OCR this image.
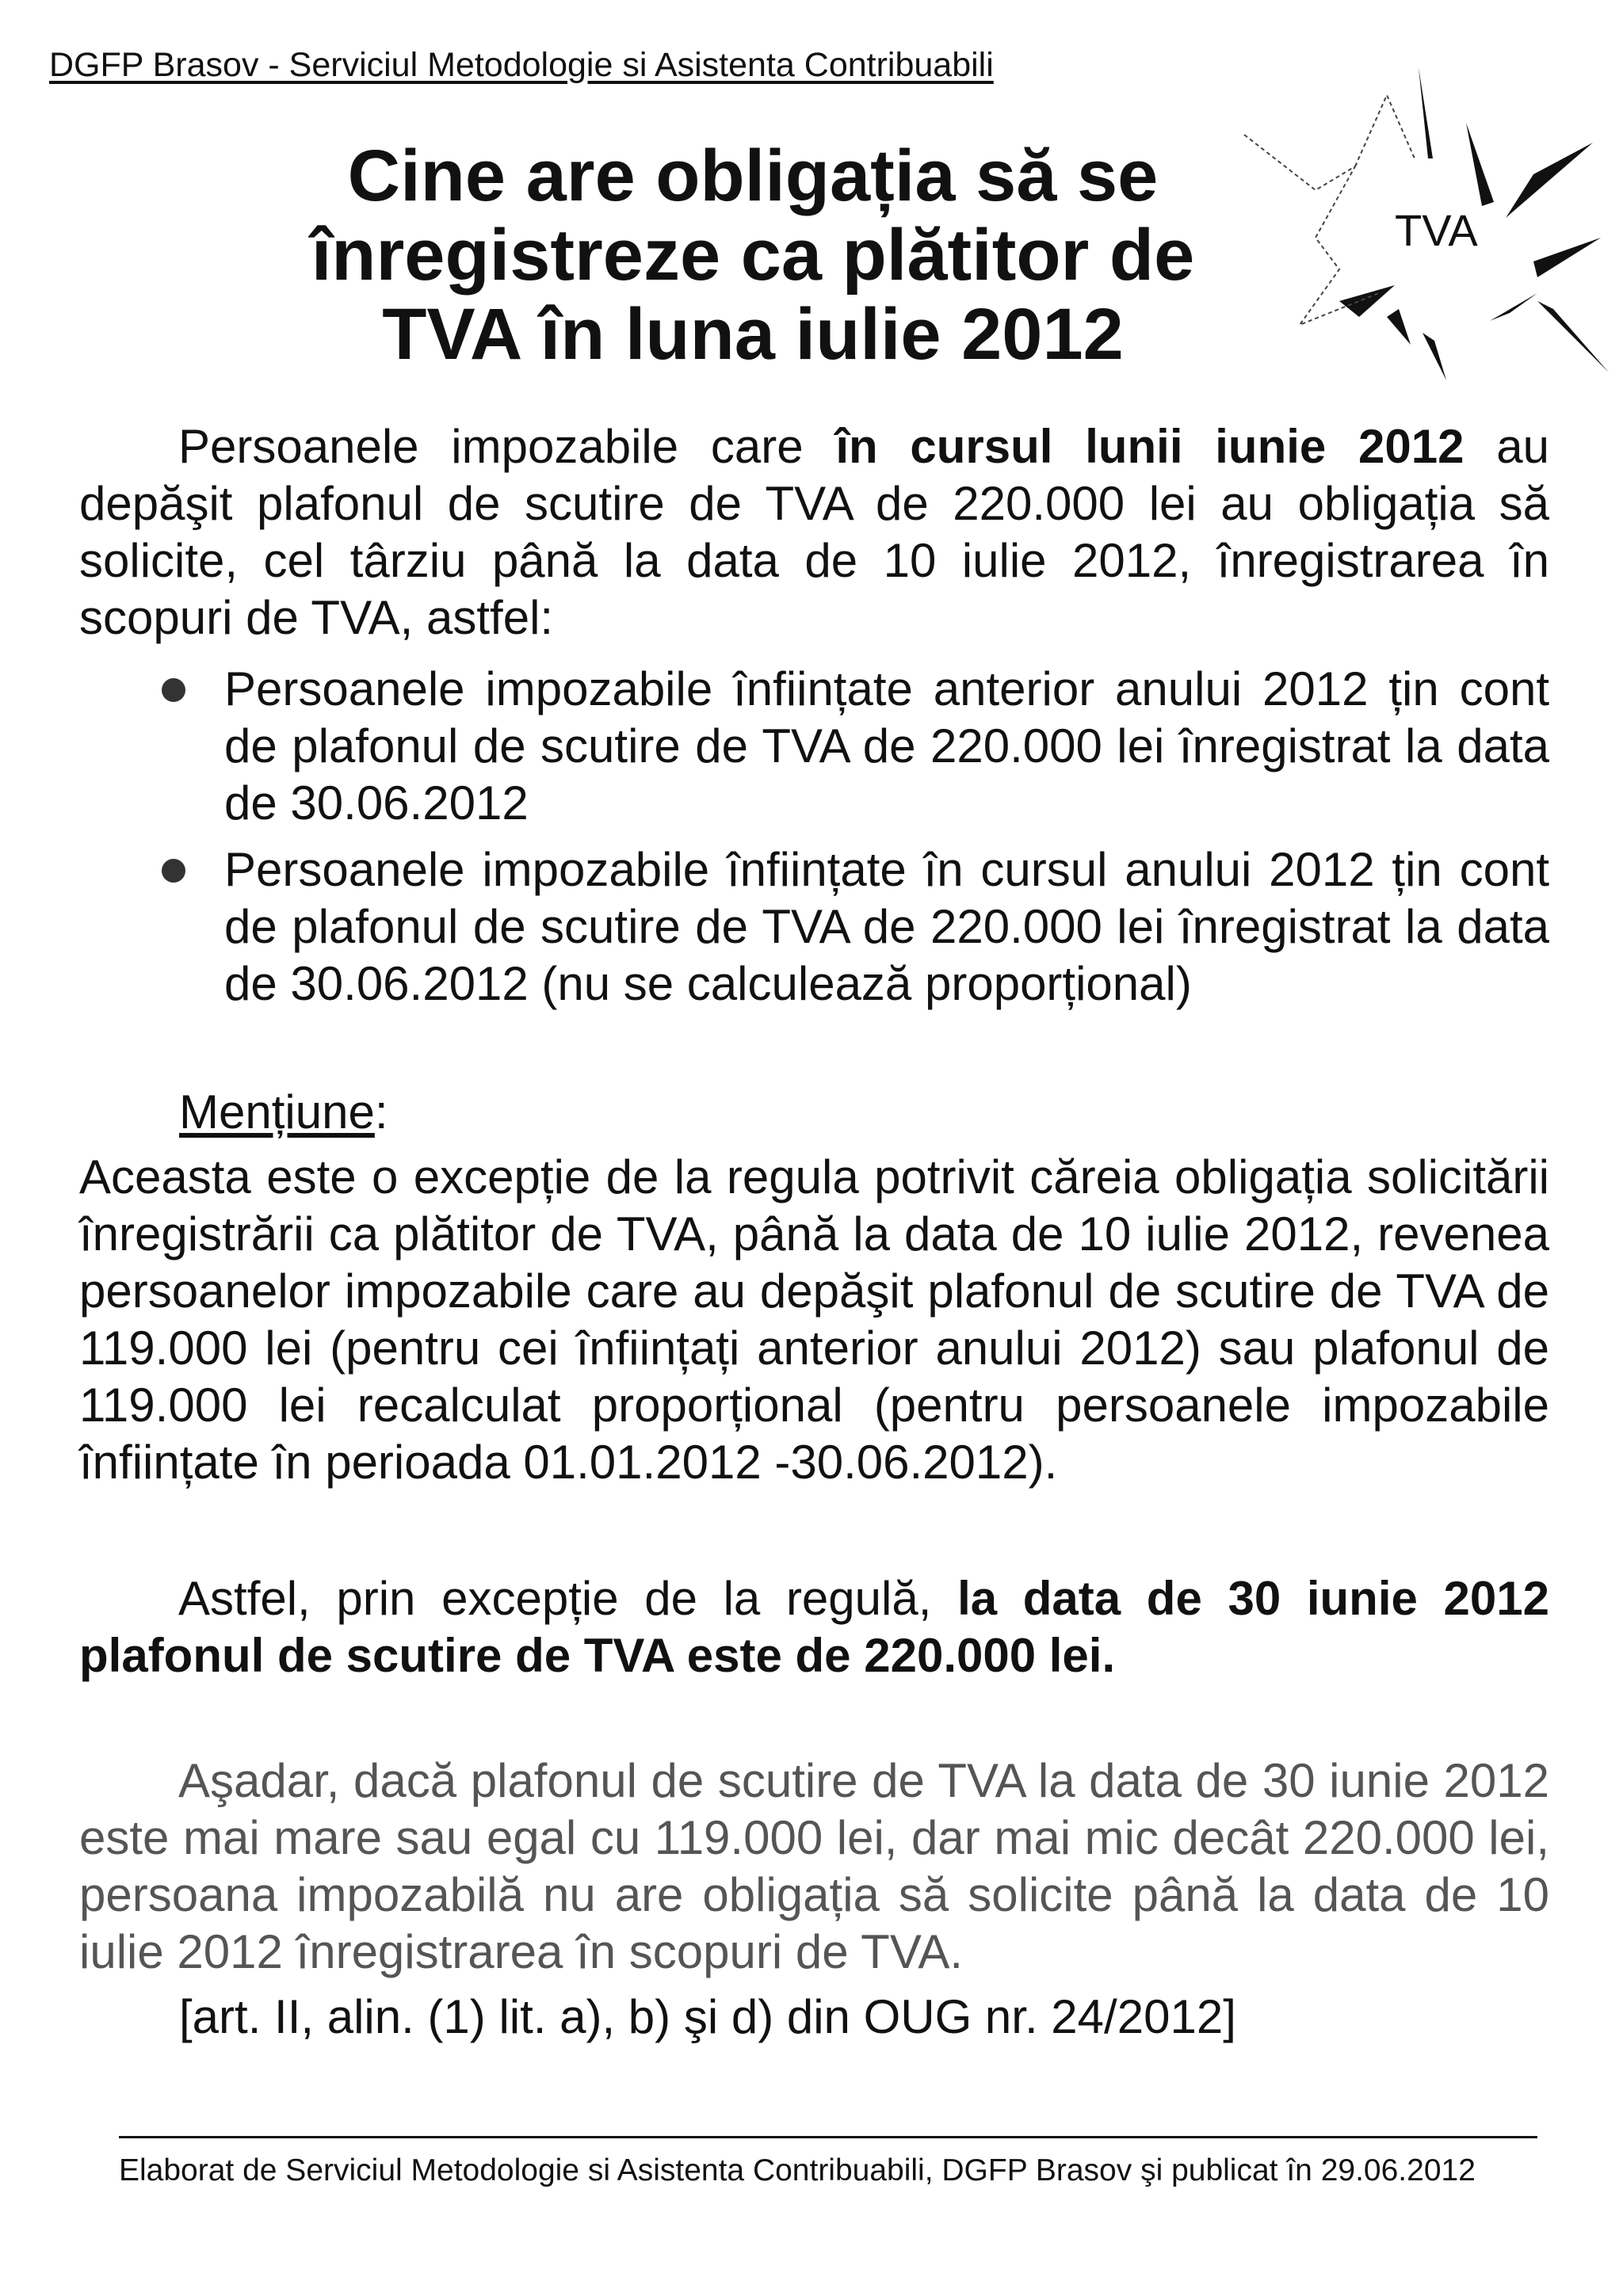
DGFP Brasov - Serviciul Metodologie si Asistenta Contribuabili
Cine are obligația să se
înregistreze ca plătitor de
TVA în luna iulie 2012
TVA
Persoanele impozabile care în cursul lunii iunie 2012 au depăşit plafonul de scutire de TVA de 220.000 lei au obligația să solicite, cel târziu până la data de 10 iulie 2012, înregistrarea în scopuri de TVA, astfel:
Persoanele impozabile înființate anterior anului 2012 țin cont de plafonul de scutire de TVA de 220.000 lei înregistrat la data de 30.06.2012
Persoanele impozabile înființate în cursul anului 2012 țin cont de plafonul de scutire de TVA de 220.000 lei înregistrat la data de 30.06.2012 (nu se calculează proporțional)
Mențiune:
Aceasta este o excepție de la regula potrivit căreia obligația solicitării înregistrării ca plătitor de TVA, până la data de 10 iulie 2012, revenea persoanelor impozabile care au depăşit plafonul de scutire de TVA de 119.000 lei (pentru cei înființați anterior anului 2012) sau plafonul de 119.000 lei recalculat proporțional (pentru persoanele impozabile înființate în perioada 01.01.2012 -30.06.2012).
Astfel, prin excepție de la regulă, la data de 30 iunie 2012 plafonul de scutire de TVA este de 220.000 lei.
Aşadar, dacă plafonul de scutire de TVA la data de 30 iunie 2012 este mai mare sau egal cu 119.000 lei, dar mai mic decât 220.000 lei, persoana impozabilă nu are obligația să solicite până la data de 10 iulie 2012 înregistrarea în scopuri de TVA.
[art. II, alin. (1) lit. a), b) şi d) din OUG nr. 24/2012]
Elaborat de Serviciul Metodologie si Asistenta Contribuabili, DGFP Brasov şi publicat în 29.06.2012
